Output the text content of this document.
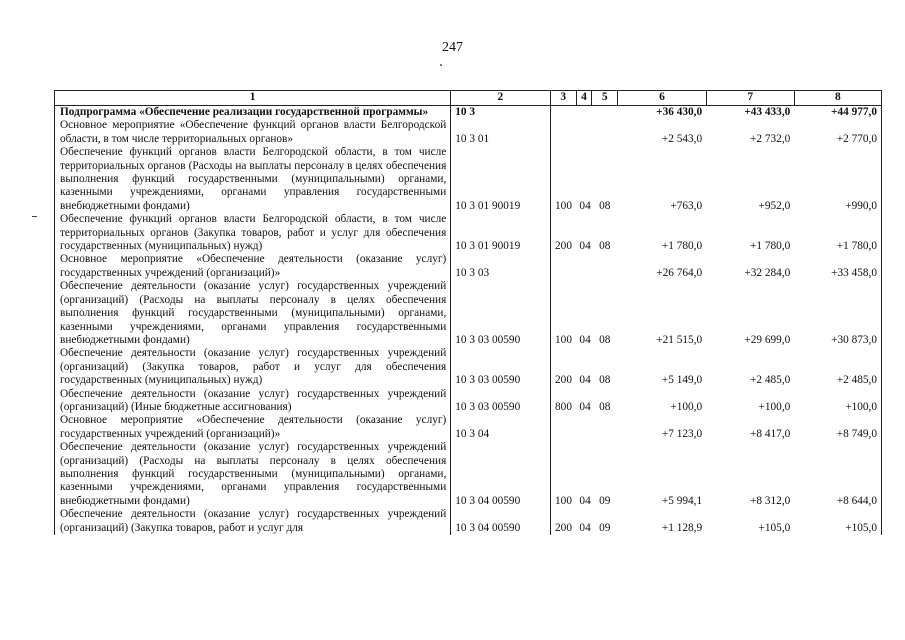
247
1	2	3	4	5	6	7	8
Подпрограмма «Обеспечение реализации государственной программы»	10 3				+36 430,0	+43 433,0	+44 977,0
Основное мероприятие «Обеспечение функций органов власти Белгородской области, в том числе территориальных органов»	10 3 01				+2 543,0	+2 732,0	+2 770,0
Обеспечение функций органов власти Белгородской области, в том числе территориальных органов (Расходы на выплаты персоналу в целях обеспечения выполнения функций государственными (муниципальными) органами, казенными учреждениями, органами управления государственными внебюджетными фондами)	10 3 01 90019	100	04	08	+763,0	+952,0	+990,0
Обеспечение функций органов власти Белгородской области, в том числе территориальных органов (Закупка товаров, работ и услуг для обеспечения государственных (муниципальных) нужд)	10 3 01 90019	200	04	08	+1 780,0	+1 780,0	+1 780,0
Основное мероприятие «Обеспечение деятельности (оказание услуг) государственных учреждений (организаций)»	10 3 03				+26 764,0	+32 284,0	+33 458,0
Обеспечение деятельности (оказание услуг) государственных учреждений (организаций) (Расходы на выплаты персоналу в целях обеспечения выполнения функций государственными (муниципальными) органами, казенными учреждениями, органами управления государственными внебюджетными фондами)	10 3 03 00590	100	04	08	+21 515,0	+29 699,0	+30 873,0
Обеспечение деятельности (оказание услуг) государственных учреждений (организаций) (Закупка товаров, работ и услуг для обеспечения государственных (муниципальных) нужд)	10 3 03 00590	200	04	08	+5 149,0	+2 485,0	+2 485,0
Обеспечение деятельности (оказание услуг) государственных учреждений (организаций) (Иные бюджетные ассигнования)	10 3 03 00590	800	04	08	+100,0	+100,0	+100,0
Основное мероприятие «Обеспечение деятельности (оказание услуг) государственных учреждений (организаций)»	10 3 04				+7 123,0	+8 417,0	+8 749,0
Обеспечение деятельности (оказание услуг) государственных учреждений (организаций) (Расходы на выплаты персоналу в целях обеспечения выполнения функций государственными (муниципальными) органами, казенными учреждениями, органами управления государственными внебюджетными фондами)	10 3 04 00590	100	04	09	+5 994,1	+8 312,0	+8 644,0
Обеспечение деятельности (оказание услуг) государственных учреждений (организаций) (Закупка товаров, работ и услуг для	10 3 04 00590	200	04	09	+1 128,9	+105,0	+105,0
